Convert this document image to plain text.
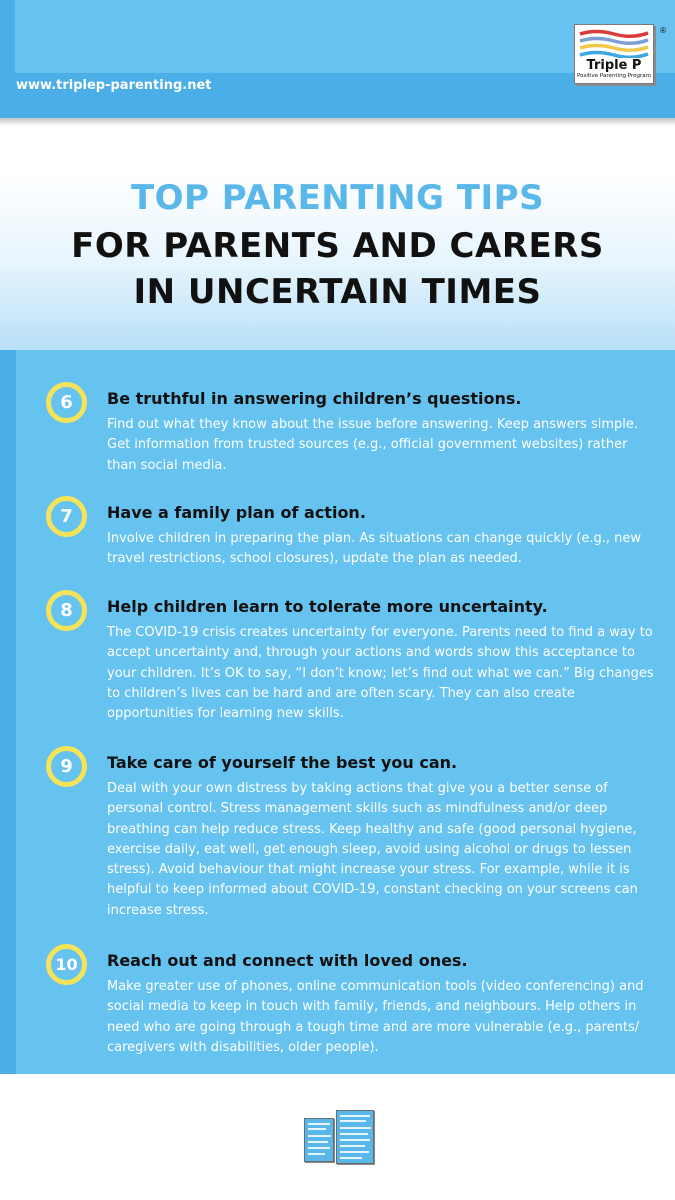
www.triplep-parenting.net
Triple P
Positive Parenting Program
®
TOP PARENTING TIPS
FOR PARENTS AND CARERS
IN UNCERTAIN TIMES
6	Be truthful in answering children’s questions.
Find out what they know about the issue before answering. Keep answers simple. Get information from trusted sources (e.g., official government websites) rather than social media.
7	Have a family plan of action.
Involve children in preparing the plan. As situations can change quickly (e.g., new travel restrictions, school closures), update the plan as needed.
8	Help children learn to tolerate more uncertainty.
The COVID-19 crisis creates uncertainty for everyone. Parents need to find a way to accept uncertainty and, through your actions and words show this acceptance to your children. It’s OK to say, “I don’t know; let’s find out what we can.” Big changes to children’s lives can be hard and are often scary. They can also create opportunities for learning new skills.
9	Take care of yourself the best you can.
Deal with your own distress by taking actions that give you a better sense of personal control. Stress management skills such as mindfulness and/or deep breathing can help reduce stress. Keep healthy and safe (good personal hygiene, exercise daily, eat well, get enough sleep, avoid using alcohol or drugs to lessen stress). Avoid behaviour that might increase your stress. For example, while it is helpful to keep informed about COVID-19, constant checking on your screens can increase stress.
10	Reach out and connect with loved ones.
Make greater use of phones, online communication tools (video conferencing) and social media to keep in touch with family, friends, and neighbours. Help others in need who are going through a tough time and are more vulnerable (e.g., parents/ caregivers with disabilities, older people).
